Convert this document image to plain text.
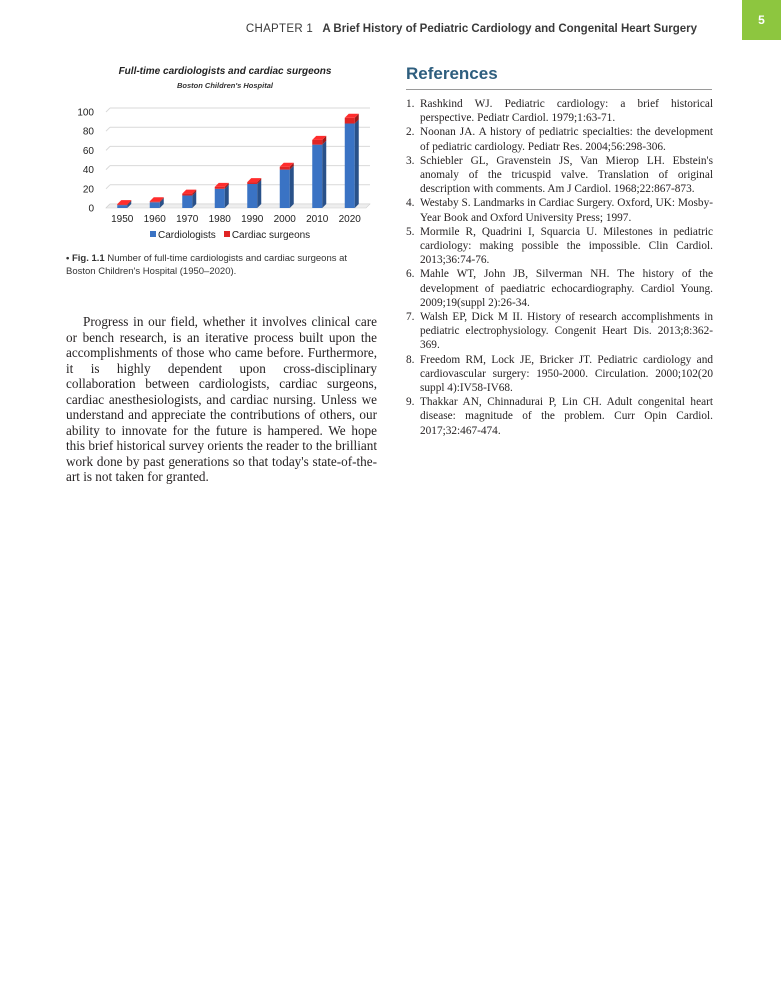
CHAPTER 1 A Brief History of Pediatric Cardiology and Congenital Heart Surgery
5
Full-time cardiologists and cardiac surgeons
Boston Children's Hospital
0
20
40
60
80
100
1950 1960 1970 1980 1990 2000 2010 2020
Cardiologists	Cardiac surgeons
• Fig. 1.1 Number of full-time cardiologists and cardiac surgeons at Boston Children's Hospital (1950–2020).
Progress in our field, whether it involves clinical care or bench research, is an iterative process built upon the accomplishments of those who came before. Furthermore, it is highly dependent upon cross-disciplinary collaboration between cardiologists, cardiac surgeons, cardiac anesthesiologists, and cardiac nursing. Unless we understand and appreciate the contributions of others, our ability to innovate for the future is hampered. We hope this brief historical survey orients the reader to the brilliant work done by past generations so that today's state-of-the-art is not taken for granted.
References
1. Rashkind WJ. Pediatric cardiology: a brief historical perspective. Pediatr Cardiol. 1979;1:63-71.
2. Noonan JA. A history of pediatric specialties: the development of pediatric cardiology. Pediatr Res. 2004;56:298-306.
3. Schiebler GL, Gravenstein JS, Van Mierop LH. Ebstein's anomaly of the tricuspid valve. Translation of original description with comments. Am J Cardiol. 1968;22:867-873.
4. Westaby S. Landmarks in Cardiac Surgery. Oxford, UK: Mosby-Year Book and Oxford University Press; 1997.
5. Mormile R, Quadrini I, Squarcia U. Milestones in pediatric cardiology: making possible the impossible. Clin Cardiol. 2013;36:74-76.
6. Mahle WT, John JB, Silverman NH. The history of the development of paediatric echocardiography. Cardiol Young. 2009;19(suppl 2):26-34.
7. Walsh EP, Dick M II. History of research accomplishments in pediatric electrophysiology. Congenit Heart Dis. 2013;8:362-369.
8. Freedom RM, Lock JE, Bricker JT. Pediatric cardiology and cardiovascular surgery: 1950-2000. Circulation. 2000;102(20 suppl 4):IV58-IV68.
9. Thakkar AN, Chinnadurai P, Lin CH. Adult congenital heart disease: magnitude of the problem. Curr Opin Cardiol. 2017;32:467-474.
